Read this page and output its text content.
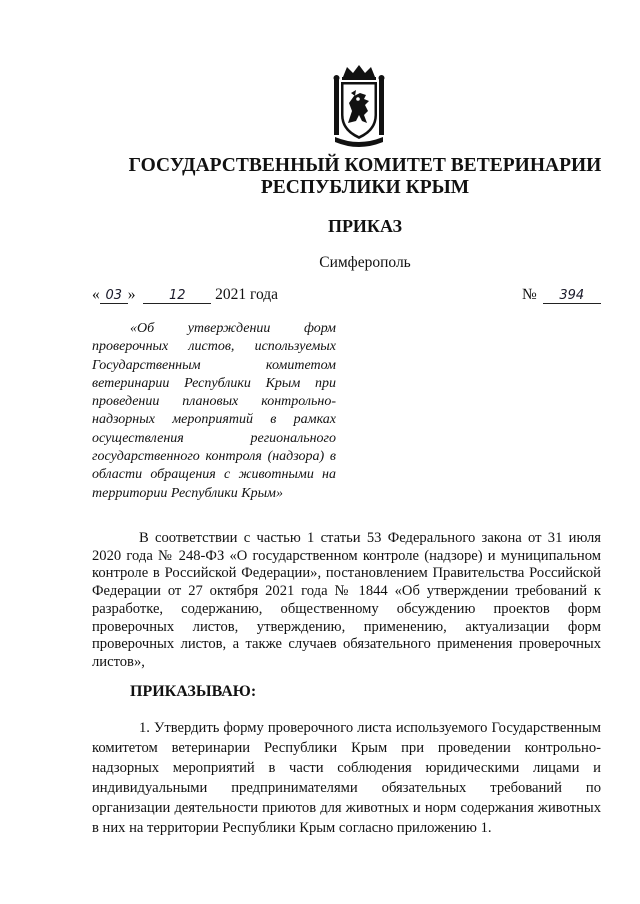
ГОСУДАРСТВЕННЫЙ КОМИТЕТ ВЕТЕРИНАРИИ
РЕСПУБЛИКИ КРЫМ
ПРИКАЗ
Симферополь
« 03 »	12 2021 года	№ 394
«Об утверждении форм проверочных листов, используемых Государственным комитетом ветеринарии Республики Крым при проведении плановых контрольно-надзорных мероприятий в рамках осуществления регионального государственного контроля (надзора) в области обращения с животными на территории Республики Крым»
В соответствии с частью 1 статьи 53 Федерального закона от 31 июля 2020 года № 248-ФЗ «О государственном контроле (надзоре) и муниципальном контроле в Российской Федерации», постановлением Правительства Российской Федерации от 27 октября 2021 года № 1844 «Об утверждении требований к разработке, содержанию, общественному обсуждению проектов форм проверочных листов, утверждению, применению, актуализации форм проверочных листов, а также случаев обязательного применения проверочных листов»,
ПРИКАЗЫВАЮ:
1. Утвердить форму проверочного листа используемого Государственным комитетом ветеринарии Республики Крым при проведении контрольно-надзорных мероприятий в части соблюдения юридическими лицами и индивидуальными предпринимателями обязательных требований по организации деятельности приютов для животных и норм содержания животных в них на территории Республики Крым согласно приложению 1.
